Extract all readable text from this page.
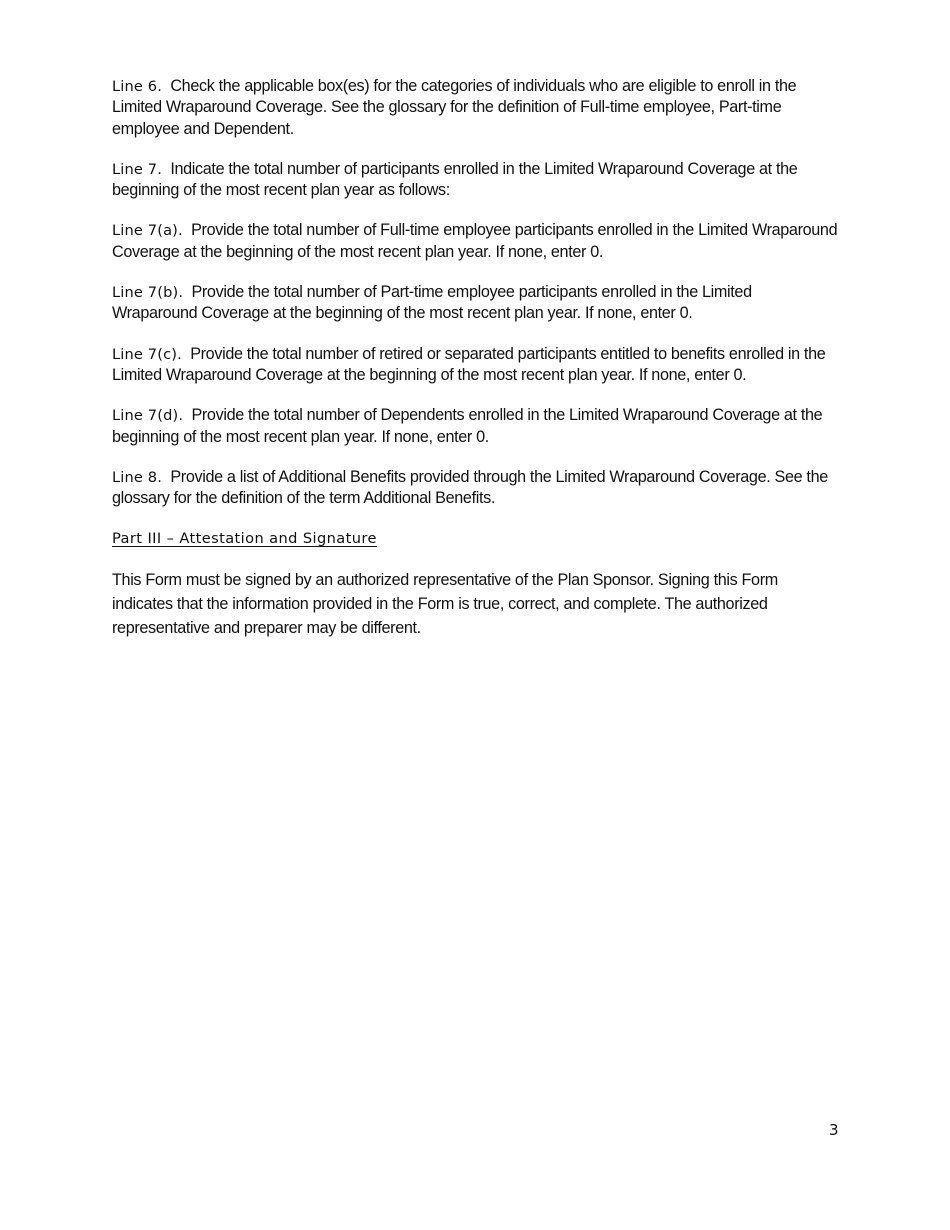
Line 6. Check the applicable box(es) for the categories of individuals who are eligible to enroll in the Limited Wraparound Coverage. See the glossary for the definition of Full-time employee, Part-time employee and Dependent.

Line 7. Indicate the total number of participants enrolled in the Limited Wraparound Coverage at the beginning of the most recent plan year as follows:

Line 7(a). Provide the total number of Full-time employee participants enrolled in the Limited Wraparound Coverage at the beginning of the most recent plan year. If none, enter 0.

Line 7(b). Provide the total number of Part-time employee participants enrolled in the Limited Wraparound Coverage at the beginning of the most recent plan year. If none, enter 0.

Line 7(c). Provide the total number of retired or separated participants entitled to benefits enrolled in the Limited Wraparound Coverage at the beginning of the most recent plan year. If none, enter 0.

Line 7(d). Provide the total number of Dependents enrolled in the Limited Wraparound Coverage at the beginning of the most recent plan year. If none, enter 0.

Line 8. Provide a list of Additional Benefits provided through the Limited Wraparound Coverage. See the glossary for the definition of the term Additional Benefits.

Part III – Attestation and Signature

This Form must be signed by an authorized representative of the Plan Sponsor. Signing this Form indicates that the information provided in the Form is true, correct, and complete. The authorized representative and preparer may be different.

3
